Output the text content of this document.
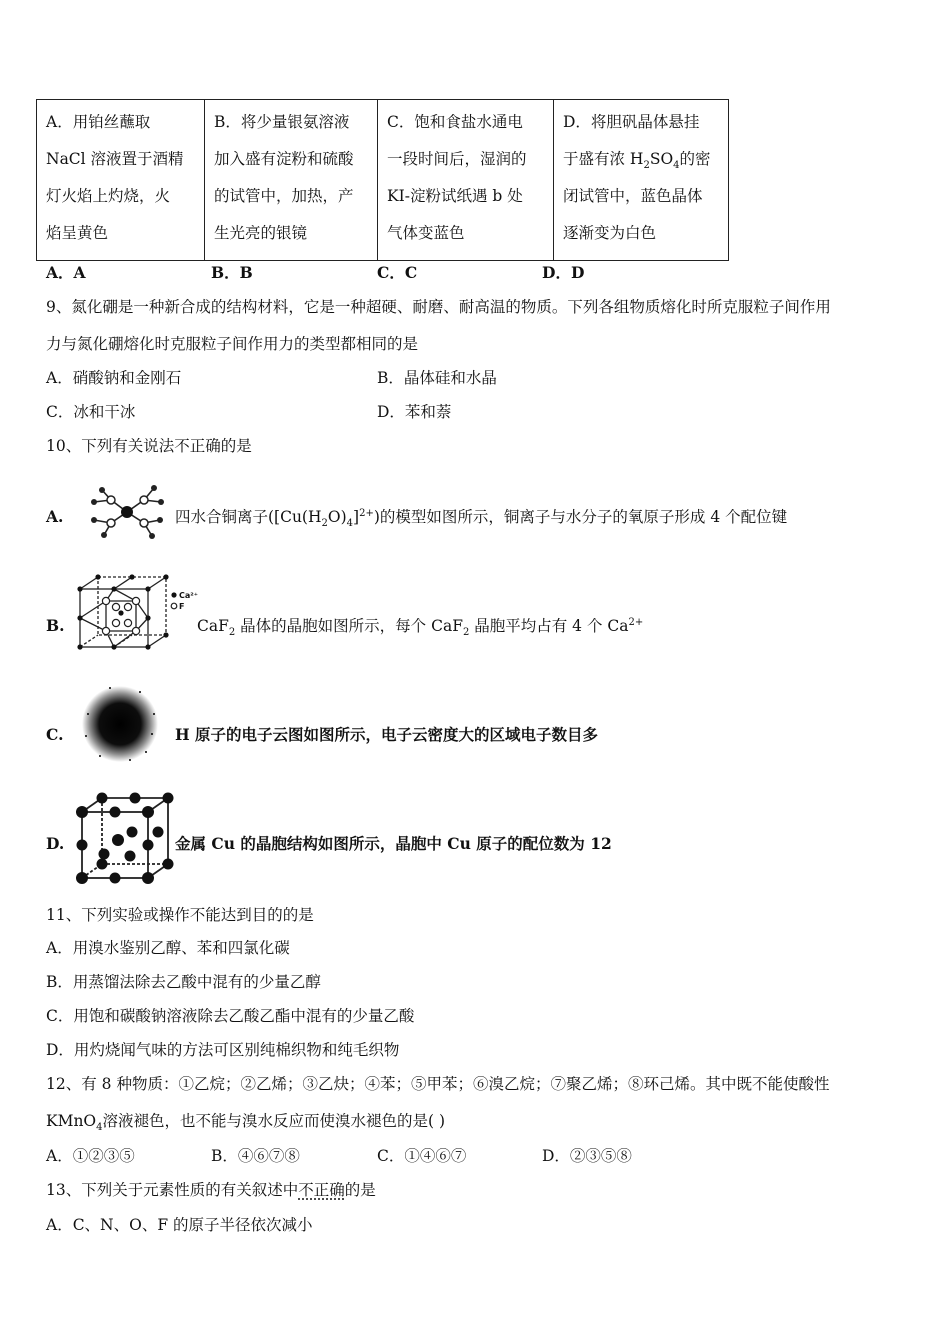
A．用铂丝蘸取
NaCl 溶液置于酒精
灯火焰上灼烧，火
焰呈黄色

B．将少量银氨溶液
加入盛有淀粉和硫酸
的试管中，加热，产
生光亮的银镜

C．饱和食盐水通电
一段时间后，湿润的
KI-淀粉试纸遇 b 处
气体变蓝色

D．将胆矾晶体悬挂
于盛有浓 $H_2SO_4$的密
闭试管中，蓝色晶体
逐渐变为白色
A．A	B．B	C．C	D．D
9、氮化硼是一种新合成的结构材料，它是一种超硬、耐磨、耐高温的物质。下列各组物质熔化时所克服粒子间作用
力与氮化硼熔化时克服粒子间作用力的类型都相同的是
A．硝酸钠和金刚石	B．晶体硅和水晶
C．冰和干冰	D．苯和萘
10、下列有关说法不正确的是
A.	四水合铜离子$([Cu(H_2O)_4]^{2+})$的模型如图所示，铜离子与水分子的氧原子形成 4 个配位键
B.
Ca²⁺
F
CaF$_2$ 晶体的晶胞如图所示，每个 CaF$_2$ 晶胞平均占有 4 个 $Ca^{2+}$
C.	H 原子的电子云图如图所示，电子云密度大的区域电子数目多
D.	金属 Cu 的晶胞结构如图所示，晶胞中 Cu 原子的配位数为 12
11、下列实验或操作不能达到目的的是
A．用溴水鉴别乙醇、苯和四氯化碳
B．用蒸馏法除去乙酸中混有的少量乙醇
C．用饱和碳酸钠溶液除去乙酸乙酯中混有的少量乙酸
D．用灼烧闻气味的方法可区别纯棉织物和纯毛织物
12、有 8 种物质：①乙烷；②乙烯；③乙炔；④苯；⑤甲苯；⑥溴乙烷；⑦聚乙烯；⑧环己烯。其中既不能使酸性
KMnO$_4$溶液褪色，也不能与溴水反应而使溴水褪色的是( )
A．①②③⑤	B．④⑥⑦⑧	C．①④⑥⑦	D．②③⑤⑧
13、下列关于元素性质的有关叙述中不正确的是
A．C、N、O、F 的原子半径依次减小
